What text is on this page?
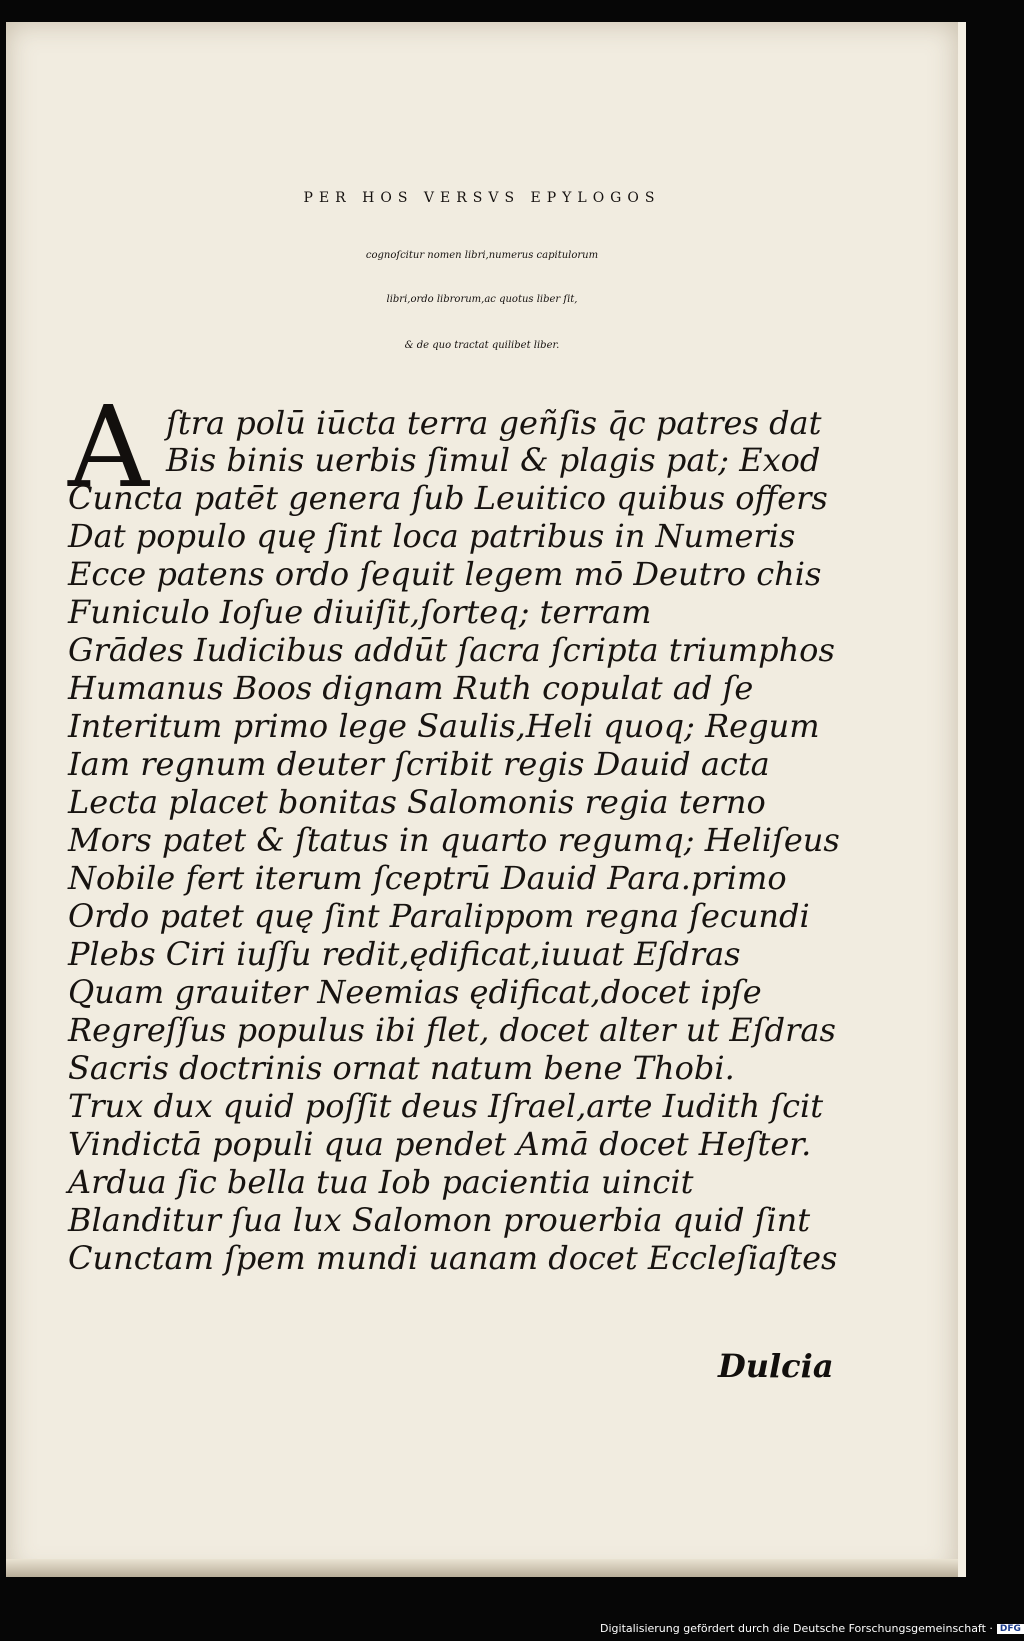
PER HOS VERSVS EPYLOGOS
cognoſcitur nomen libri,numerus capitulorum
libri,ordo librorum,ac quotus liber ſit,
& de quo tractat quilibet liber.
A ſtra polū iūcta terra geñſis q̄c patres dat
Bis binis uerbis ſimul & plagis pat; Exod
Cuncta patēt genera ſub Leuitico quibus offers
Dat populo quę ſint loca patribus in Numeris
Ecce patens ordo ſequit legem mō Deutro chis
Funiculo Ioſue diuiſit,ſorteq; terram
Grādes Iudicibus addūt ſacra ſcripta triumphos
Humanus Boos dignam Ruth copulat ad ſe
Interitum primo lege Saulis,Heli quoq; Regum
Iam regnum deuter ſcribit regis Dauid acta
Lecta placet bonitas Salomonis regia terno
Mors patet & ſtatus in quarto regumq; Heliſeus
Nobile fert iterum ſceptrū Dauid Para.primo
Ordo patet quę ſint Paralippom regna ſecundi
Plebs Ciri iuſſu redit,ędificat,iuuat Eſdras
Quam grauiter Neemias ędificat,docet ipſe
Regreſſus populus ibi flet, docet alter ut Eſdras
Sacris doctrinis ornat natum bene Thobi.
Trux dux quid poſſit deus Iſrael,arte Iudith ſcit
Vindictā populi qua pendet Amā docet Heſter.
Ardua ſic bella tua Iob pacientia uincit
Blanditur ſua lux Salomon prouerbia quid ſint
Cunctam ſpem mundi uanam docet Eccleſiaſtes
Dulcia
Digitalisierung gefördert durch die Deutsche Forschungsgemeinschaft · DFG
